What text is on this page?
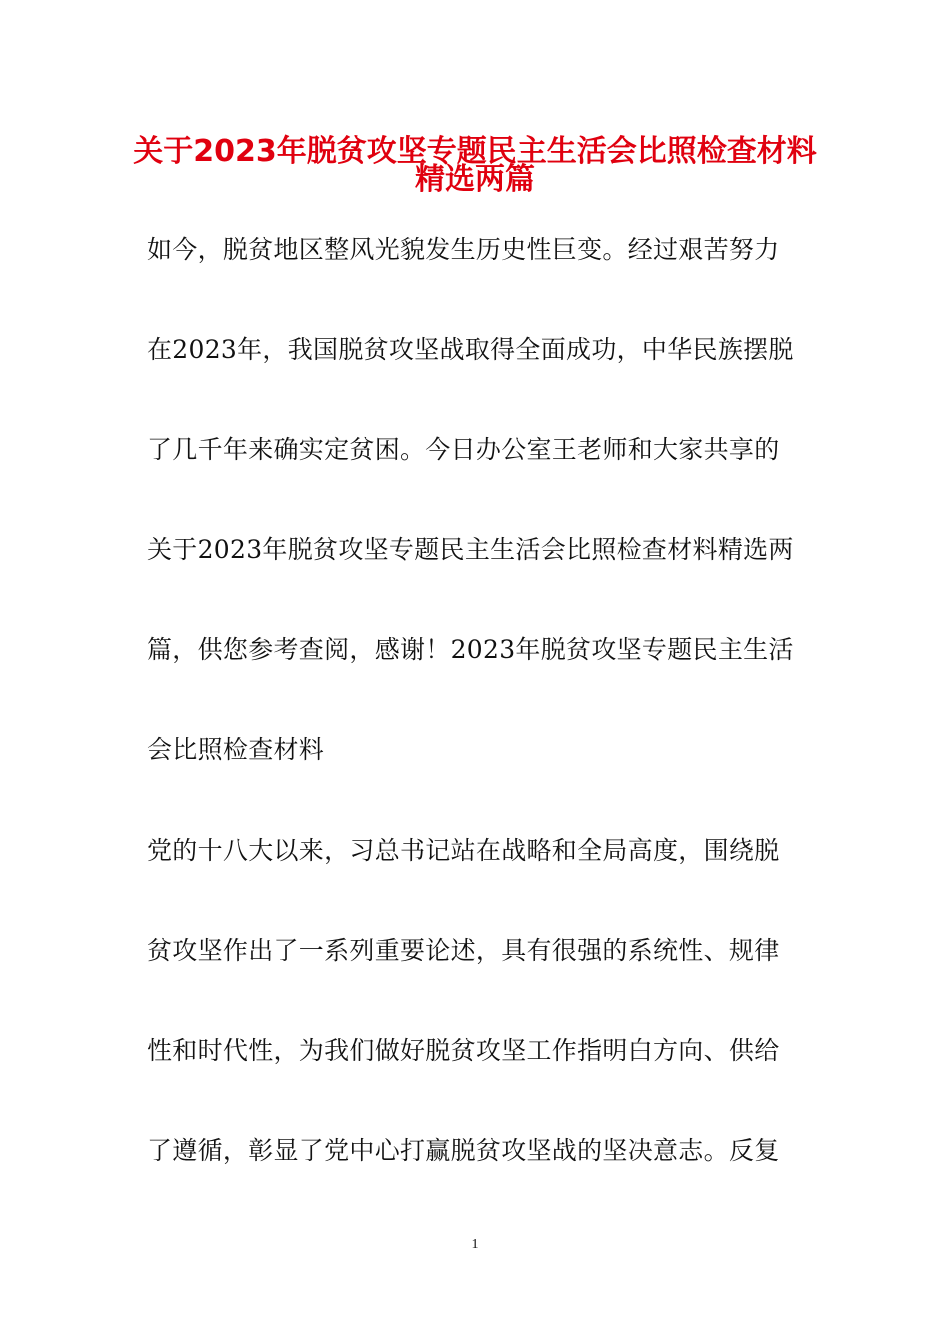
关于2023年脱贫攻坚专题民主生活会比照检查材料
精选两篇
如今，脱贫地区整风光貌发生历史性巨变。经过艰苦努力
在2023年，我国脱贫攻坚战取得全面成功，中华民族摆脱
了几千年来确实定贫困。今日办公室王老师和大家共享的
关于2023年脱贫攻坚专题民主生活会比照检查材料精选两
篇，供您参考查阅，感谢！2023年脱贫攻坚专题民主生活
会比照检查材料
党的十八大以来，习总书记站在战略和全局高度，围绕脱
贫攻坚作出了一系列重要论述，具有很强的系统性、规律
性和时代性，为我们做好脱贫攻坚工作指明白方向、供给
了遵循，彰显了党中心打赢脱贫攻坚战的坚决意志。反复
1
